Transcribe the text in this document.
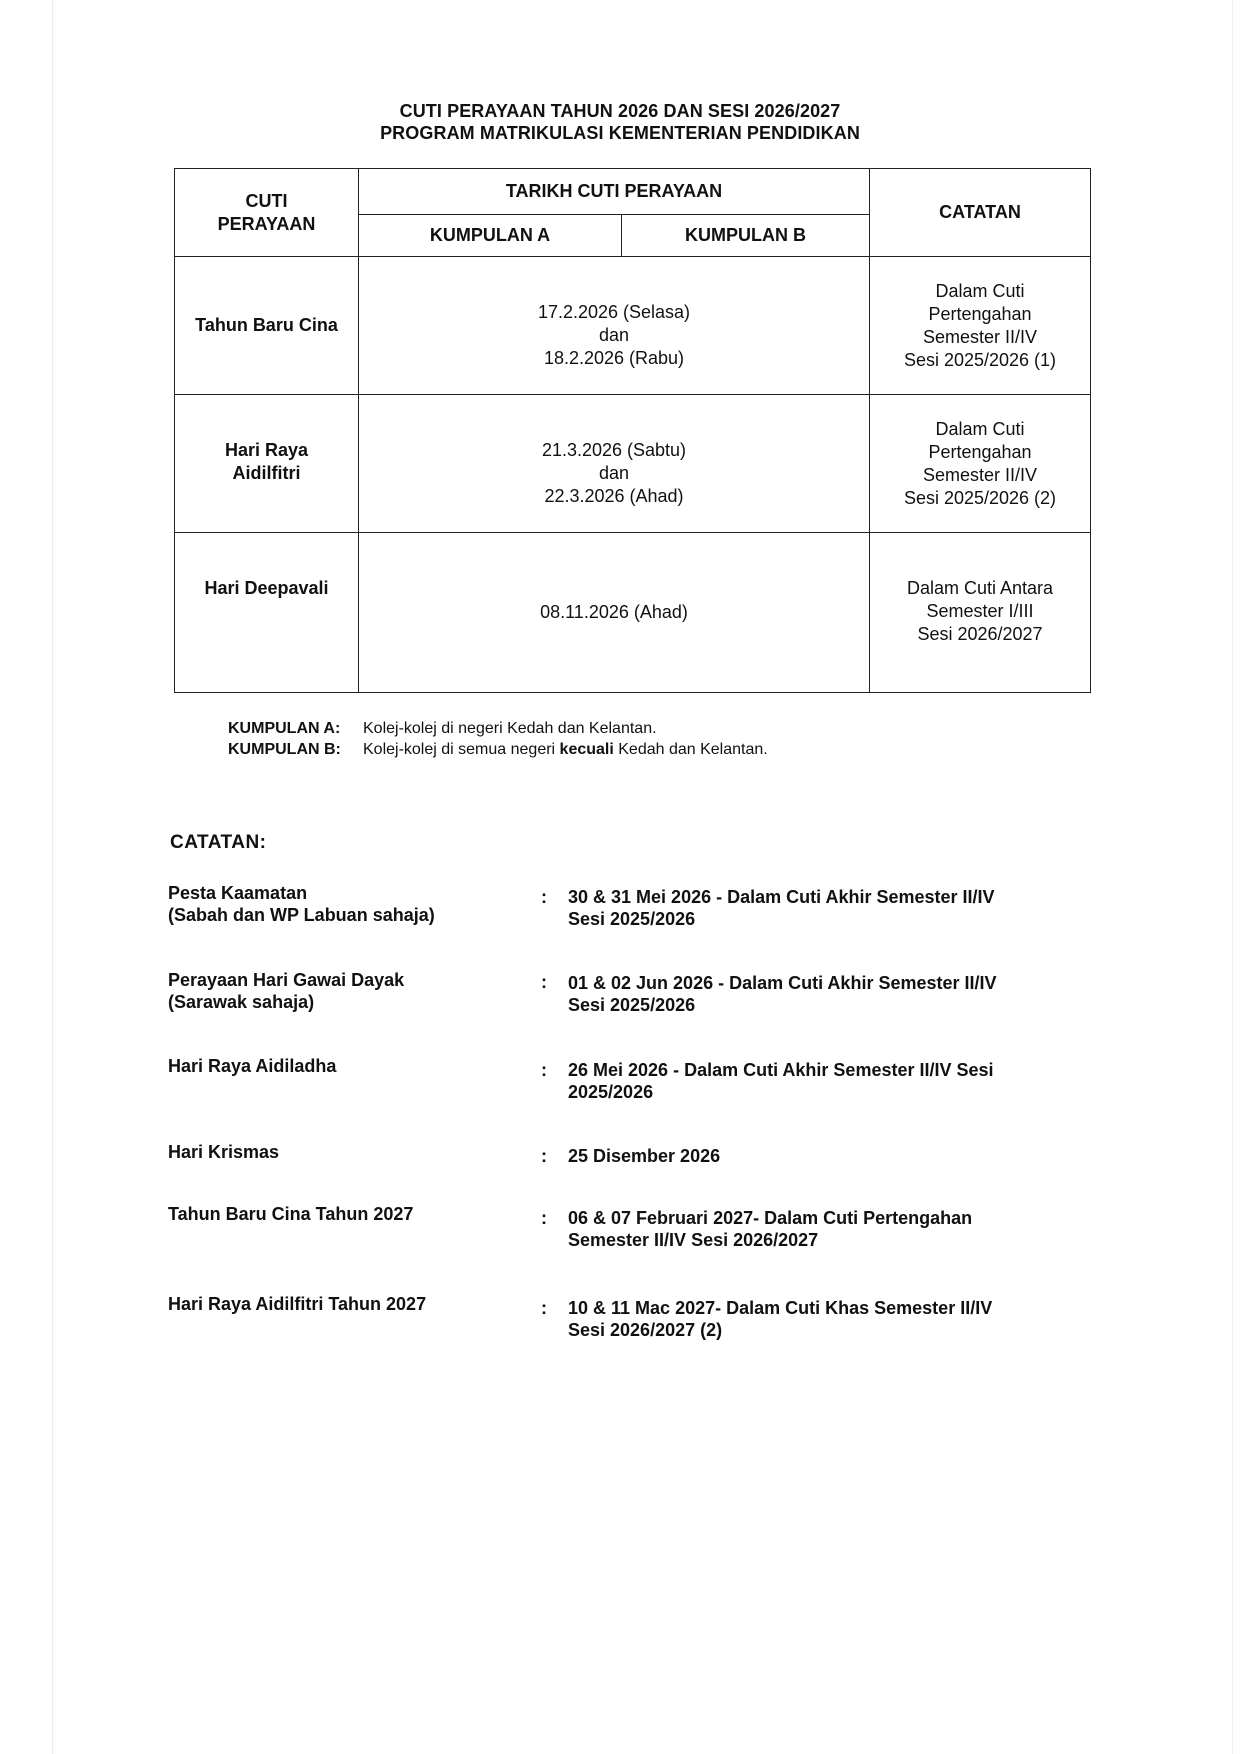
CUTI PERAYAAN TAHUN 2026 DAN SESI 2026/2027
PROGRAM MATRIKULASI KEMENTERIAN PENDIDIKAN
CUTI
PERAYAAN	TARIKH CUTI PERAYAAN		CATATAN
	KUMPULAN A	KUMPULAN B	

Tahun Baru Cina	17.2.2026 (Selasa)
dan
18.2.2026 (Rabu)		Dalam Cuti
Pertengahan
Semester II/IV
Sesi 2025/2026 (1)

Hari Raya
Aidilfitri	21.3.2026 (Sabtu)
dan
22.3.2026 (Ahad)		Dalam Cuti
Pertengahan
Semester II/IV
Sesi 2025/2026 (2)

Hari Deepavali	08.11.2026 (Ahad)		Dalam Cuti Antara
Semester I/III
Sesi 2026/2027
KUMPULAN A: Kolej-kolej di negeri Kedah dan Kelantan.
KUMPULAN B: Kolej-kolej di semua negeri kecuali Kedah dan Kelantan.
CATATAN:
Pesta Kaamatan
(Sabah dan WP Labuan sahaja)
:	30 & 31 Mei 2026 - Dalam Cuti Akhir Semester II/IV
Sesi 2025/2026
Perayaan Hari Gawai Dayak
(Sarawak sahaja)
:	01 & 02 Jun 2026 - Dalam Cuti Akhir Semester II/IV
Sesi 2025/2026
Hari Raya Aidiladha	:	26 Mei 2026 - Dalam Cuti Akhir Semester II/IV Sesi
2025/2026
Hari Krismas	:	25 Disember 2026
Tahun Baru Cina Tahun 2027	:	06 & 07 Februari 2027- Dalam Cuti Pertengahan
Semester II/IV Sesi 2026/2027
Hari Raya Aidilfitri Tahun 2027	:	10 & 11 Mac 2027- Dalam Cuti Khas Semester II/IV
Sesi 2026/2027 (2)
